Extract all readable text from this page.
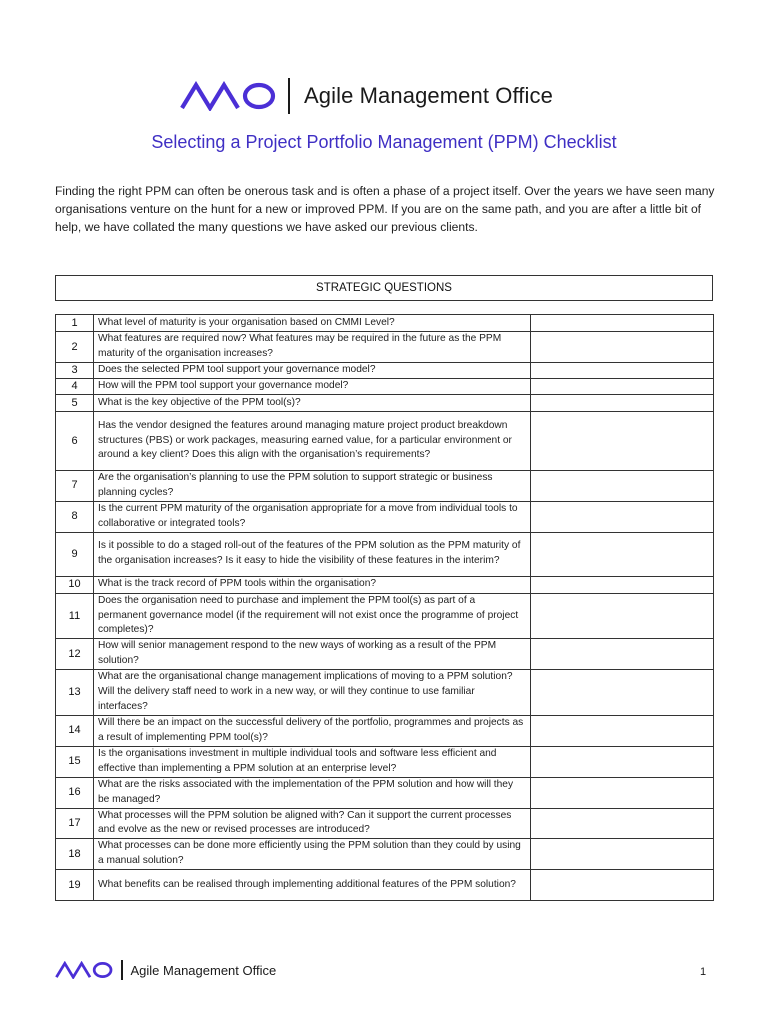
Agile Management Office
Selecting a Project Portfolio Management (PPM) Checklist

Finding the right PPM can often be onerous task and is often a phase of a project itself. Over the years we have seen many organisations venture on the hunt for a new or improved PPM. If you are on the same path, and you are after a little bit of help, we have collated the many questions we have asked our previous clients.

STRATEGIC QUESTIONS
1	What level of maturity is your organisation based on CMMI Level?	
2	What features are required now? What features may be required in the future as the PPM maturity of the organisation increases?	
3	Does the selected PPM tool support your governance model?	
4	How will the PPM tool support your governance model?	
5	What is the key objective of the PPM tool(s)?	
6	Has the vendor designed the features around managing mature project product breakdown structures (PBS) or work packages, measuring earned value, for a particular environment or around a key client? Does this align with the organisation’s requirements?	
7	Are the organisation’s planning to use the PPM solution to support strategic or business planning cycles?	
8	Is the current PPM maturity of the organisation appropriate for a move from individual tools to collaborative or integrated tools?	
9	Is it possible to do a staged roll-out of the features of the PPM solution as the PPM maturity of the organisation increases? Is it easy to hide the visibility of these features in the interim?	
10	What is the track record of PPM tools within the organisation?	
11	Does the organisation need to purchase and implement the PPM tool(s) as part of a permanent governance model (if the requirement will not exist once the programme of project completes)?	
12	How will senior management respond to the new ways of working as a result of the PPM solution?	
13	What are the organisational change management implications of moving to a PPM solution? Will the delivery staff need to work in a new way, or will they continue to use familiar interfaces?	
14	Will there be an impact on the successful delivery of the portfolio, programmes and projects as a result of implementing PPM tool(s)?	
15	Is the organisations investment in multiple individual tools and software less efficient and effective than implementing a PPM solution at an enterprise level?	
16	What are the risks associated with the implementation of the PPM solution and how will they be managed?	
17	What processes will the PPM solution be aligned with? Can it support the current processes and evolve as the new or revised processes are introduced?	
18	What processes can be done more efficiently using the PPM solution than they could by using a manual solution?	
19	What benefits can be realised through implementing additional features of the PPM solution?	
Agile Management Office	1
